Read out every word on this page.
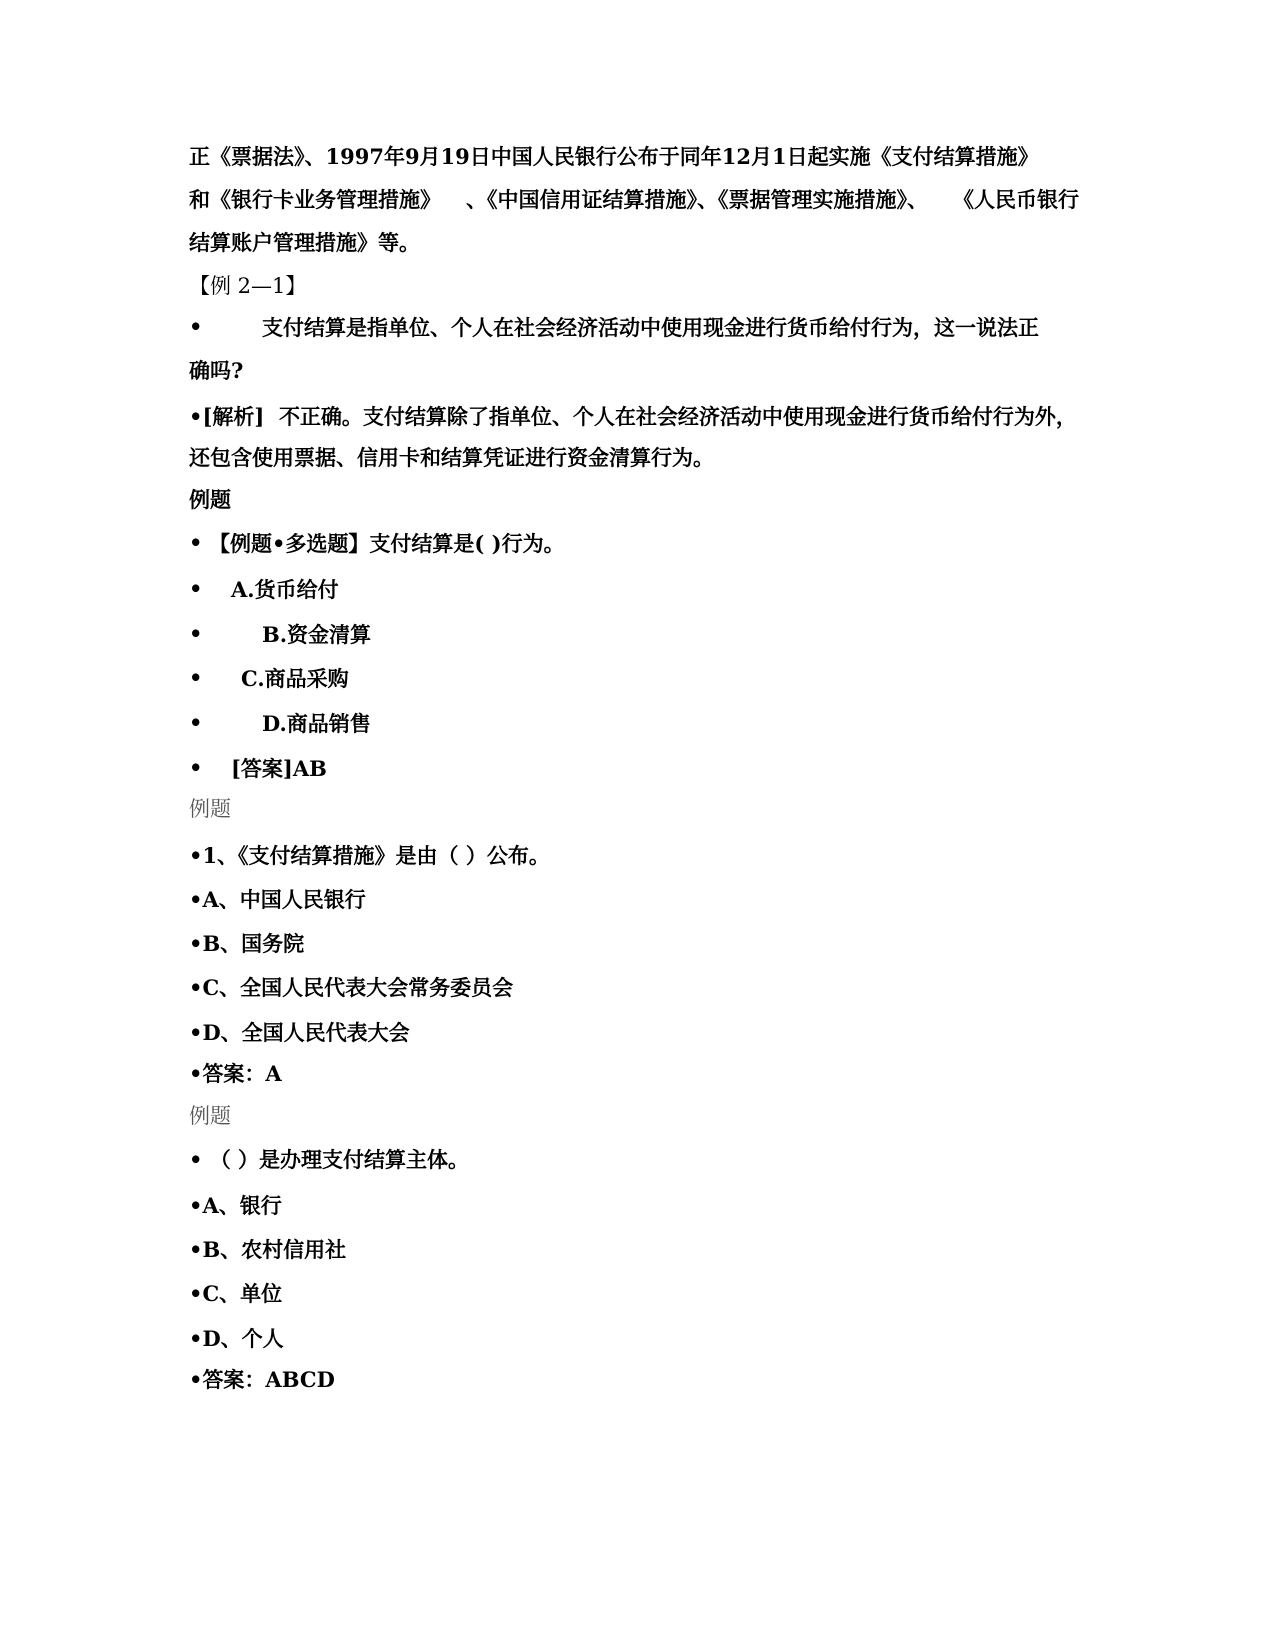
正《票据法》、1997年9月19日中国人民银行公布于同年12月1日起实施《支付结算措施》
和《银行卡业务管理措施》 、《中国信用证结算措施》、《票据管理实施措施》、 《人民币银行
结算账户管理措施》等。
【例 2—1】
•	支付结算是指单位、个人在社会经济活动中使用现金进行货币给付行为，这一说法正
确吗?
•[解析] 不正确。支付结算除了指单位、个人在社会经济活动中使用现金进行货币给付行为外，
还包含使用票据、信用卡和结算凭证进行资金清算行为。
例题
• 【例题•多选题】支付结算是( )行为。
• A.货币给付
•	B.资金清算
• C.商品采购
•	D.商品销售
• [答案]AB
例题
•1、《支付结算措施》是由（ ）公布。
•A、中国人民银行
•B、国务院
•C、全国人民代表大会常务委员会
•D、全国人民代表大会
•答案：A
例题
• （ ）是办理支付结算主体。
•A、银行
•B、农村信用社
•C、单位
•D、个人
•答案：ABCD
